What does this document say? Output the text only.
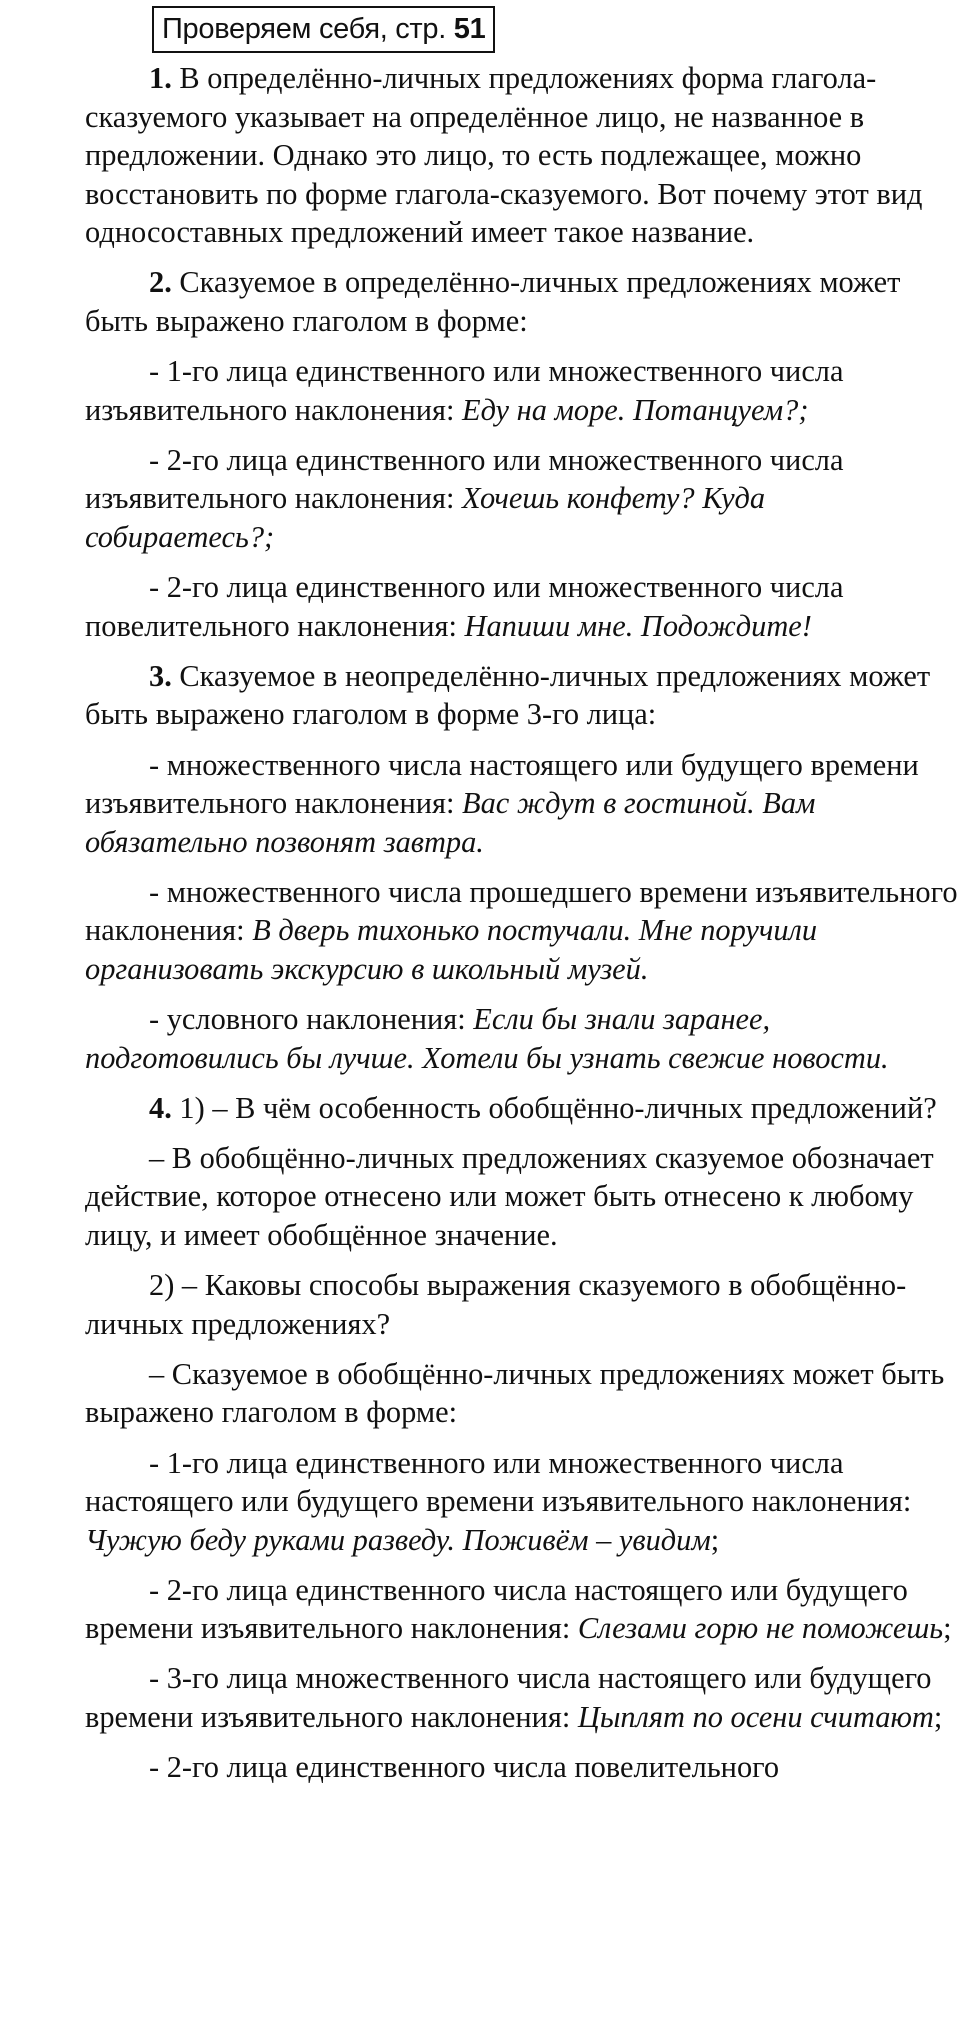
Проверяем себя, стр. 51

1. В определённо-личных предложениях форма глагола-сказуемого указывает на определённое лицо, не названное в предложении. Однако это лицо, то есть подлежащее, можно восстановить по форме глагола-сказуемого. Вот почему этот вид односоставных предложений имеет такое название.

2. Сказуемое в определённо-личных предложениях может быть выражено глаголом в форме:

- 1-го лица единственного или множественного числа изъявительного наклонения: Еду на море. Потанцуем?;

- 2-го лица единственного или множественного числа изъявительного наклонения: Хочешь конфету? Куда собираетесь?;

- 2-го лица единственного или множественного числа повелительного наклонения: Напиши мне. Подождите!

3. Сказуемое в неопределённо-личных предложениях может быть выражено глаголом в форме 3-го лица:

- множественного числа настоящего или будущего времени изъявительного наклонения: Вас ждут в гостиной. Вам обязательно позвонят завтра.

- множественного числа прошедшего времени изъявительного наклонения: В дверь тихонько постучали. Мне поручили организовать экскурсию в школьный музей.

- условного наклонения: Если бы знали заранее, подготовились бы лучше. Хотели бы узнать свежие новости.

4. 1) – В чём особенность обобщённо-личных предложений?

– В обобщённо-личных предложениях сказуемое обозначает действие, которое отнесено или может быть отнесено к любому лицу, и имеет обобщённое значение.

2) – Каковы способы выражения сказуемого в обобщённо-личных предложениях?

– Сказуемое в обобщённо-личных предложениях может быть выражено глаголом в форме:

- 1-го лица единственного или множественного числа настоящего или будущего времени изъявительного наклонения: Чужую беду руками разведу. Поживём – увидим;

- 2-го лица единственного числа настоящего или будущего времени изъявительного наклонения: Слезами горю не поможешь;

- 3-го лица множественного числа настоящего или будущего времени изъявительного наклонения: Цыплят по осени считают;

- 2-го лица единственного числа повелительного
